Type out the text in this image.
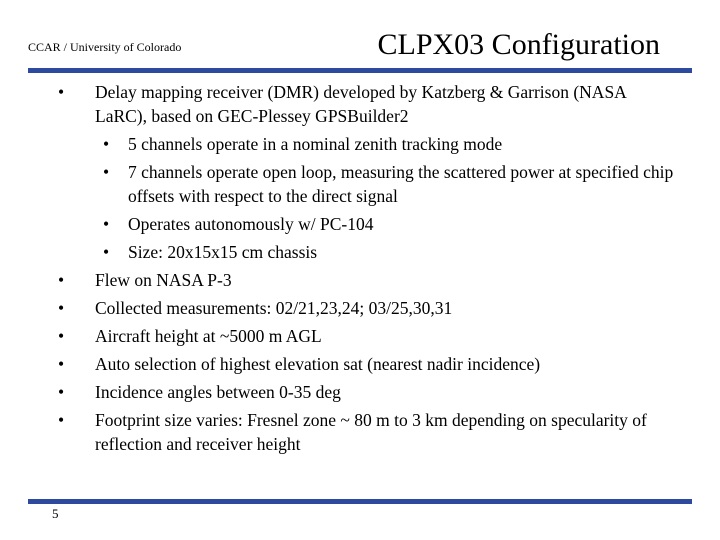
CCAR / University of Colorado	CLPX03 Configuration
• Delay mapping receiver (DMR) developed by Katzberg & Garrison (NASA LaRC), based on GEC-Plessey GPSBuilder2
• 5 channels operate in a nominal zenith tracking mode
• 7 channels operate open loop, measuring the scattered power at specified chip offsets with respect to the direct signal
• Operates autonomously w/ PC-104
• Size: 20x15x15 cm chassis
• Flew on NASA P-3
• Collected measurements: 02/21,23,24; 03/25,30,31
• Aircraft height at ~5000 m AGL
• Auto selection of highest elevation sat (nearest nadir incidence)
• Incidence angles between 0-35 deg
• Footprint size varies: Fresnel zone ~ 80 m to 3 km depending on specularity of reflection and receiver height
5
